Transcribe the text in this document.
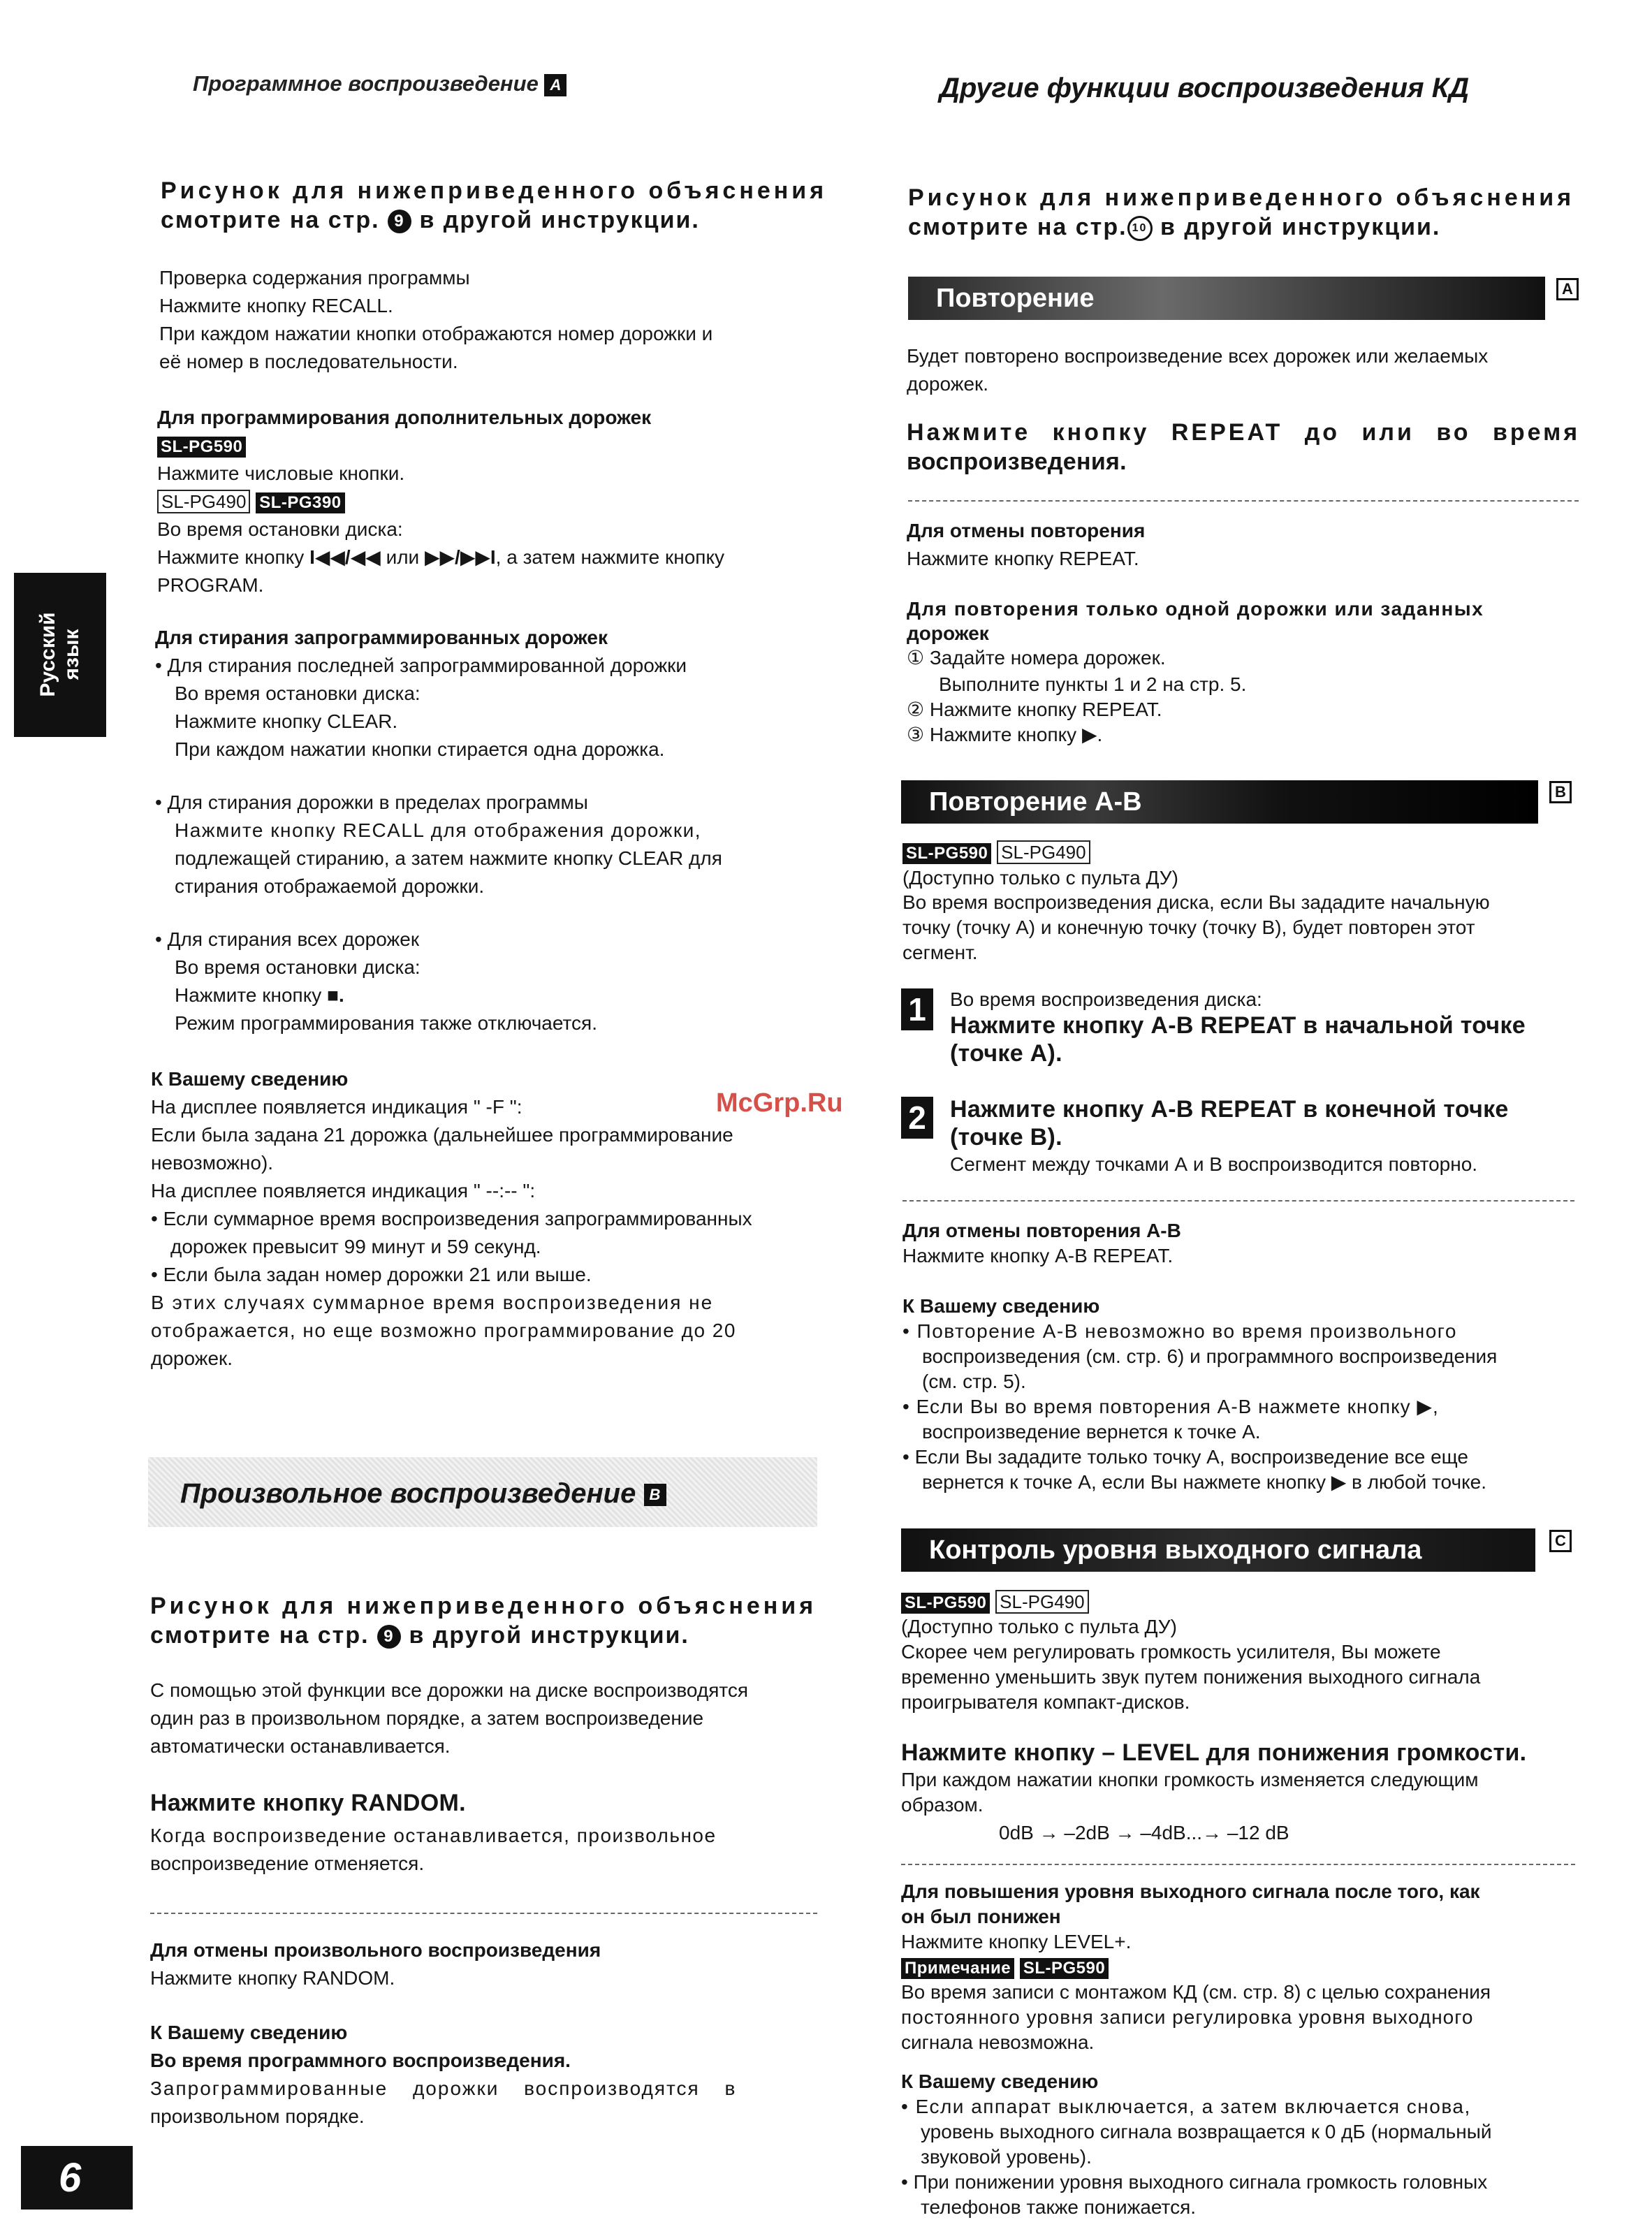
Программное воспроизведение A
Рисунок для нижеприведенного объяснения
смотрите на стр. 9 в другой инструкции.
Проверка содержания программы
Нажмите кнопку RECALL.
При каждом нажатии кнопки отображаются номер дорожки и
её номер в последовательности.
Для программирования дополнительных дорожек
SL-PG590
Нажмите числовые кнопки.
SL-PG490 SL-PG390
Во время остановки диска:
Нажмите кнопку I◀◀/◀◀ или ▶▶/▶▶I, а затем нажмите кнопку
PROGRAM.
Для стирания запрограммированных дорожек
• Для стирания последней запрограммированной дорожки
Во время остановки диска:
Нажмите кнопку CLEAR.
При каждом нажатии кнопки стирается одна дорожка.
• Для стирания дорожки в пределах программы
Нажмите кнопку RECALL для отображения дорожки,
подлежащей стиранию, а затем нажмите кнопку CLEAR для
стирания отображаемой дорожки.
• Для стирания всех дорожек
Во время остановки диска:
Нажмите кнопку ■.
Режим программирования также отключается.
К Вашему сведению
На дисплее появляется индикация " -F ":
Если была задана 21 дорожка (дальнейшее программирование
невозможно).
На дисплее появляется индикация " --:-- ":
• Если суммарное время воспроизведения запрограммированных
дорожек превысит 99 минут и 59 секунд.
• Если была задан номер дорожки 21 или выше.
В этих случаях суммарное время воспроизведения не
отображается, но еще возможно программирование до 20
дорожек.
Произвольное воспроизведение B
Рисунок для нижеприведенного объяснения
смотрите на стр. 9 в другой инструкции.
С помощью этой функции все дорожки на диске воспроизводятся
один раз в произвольном порядке, а затем воспроизведение
автоматически останавливается.
Нажмите кнопку RANDOM.
Когда воспроизведение останавливается, произвольное
воспроизведение отменяется.
Для отмены произвольного воспроизведения
Нажмите кнопку RANDOM.
К Вашему сведению
Во время программного воспроизведения.
Запрограммированные дорожки воспроизводятся в
произвольном порядке.
Русский язык
6
McGrp.Ru
Другие функции воспроизведения КД
Рисунок для нижеприведенного объяснения
смотрите на стр. 10 в другой инструкции.
Повторение	A
Будет повторено воспроизведение всех дорожек или желаемых
дорожек.
Нажмите кнопку REPEAT до или во время
воспроизведения.
Для отмены повторения
Нажмите кнопку REPEAT.
Для повторения только одной дорожки или заданных
дорожек
① Задайте номера дорожек.
Выполните пункты 1 и 2 на стр. 5.
② Нажмите кнопку REPEAT.
③ Нажмите кнопку ▶.
Повторение А-В	B
SL-PG590 SL-PG490
(Доступно только с пульта ДУ)
Во время воспроизведения диска, если Вы зададите начальную
точку (точку А) и конечную точку (точку В), будет повторен этот
сегмент.
1	Во время воспроизведения диска:
Нажмите кнопку A-B REPEAT в начальной точке
(точке А).
2	Нажмите кнопку A-B REPEAT в конечной точке
(точке В).
Сегмент между точками А и В воспроизводится повторно.
Для отмены повторения А-В
Нажмите кнопку A-B REPEAT.
К Вашему сведению
• Повторение А-В невозможно во время произвольного
воспроизведения (см. стр. 6) и программного воспроизведения
(см. стр. 5).
• Если Вы во время повторения А-В нажмете кнопку ▶,
воспроизведение вернется к точке А.
• Если Вы зададите только точку А, воспроизведение все еще
вернется к точке А, если Вы нажмете кнопку ▶ в любой точке.
Контроль уровня выходного сигнала	C
SL-PG590 SL-PG490
(Доступно только с пульта ДУ)
Скорее чем регулировать громкость усилителя, Вы можете
временно уменьшить звук путем понижения выходного сигнала
проигрывателя компакт-дисков.
Нажмите кнопку – LEVEL для понижения громкости.
При каждом нажатии кнопки громкость изменяется следующим
образом.
0dB → –2dB → –4dB...→ –12 dB
Для повышения уровня выходного сигнала после того, как
он был понижен
Нажмите кнопку LEVEL+.
Примечание SL-PG590
Во время записи с монтажом КД (см. стр. 8) с целью сохранения
постоянного уровня записи регулировка уровня выходного
сигнала невозможна.
К Вашему сведению
• Если аппарат выключается, а затем включается снова,
уровень выходного сигнала возвращается к 0 дБ (нормальный
звуковой уровень).
• При понижении уровня выходного сигнала громкость головных
телефонов также понижается.
